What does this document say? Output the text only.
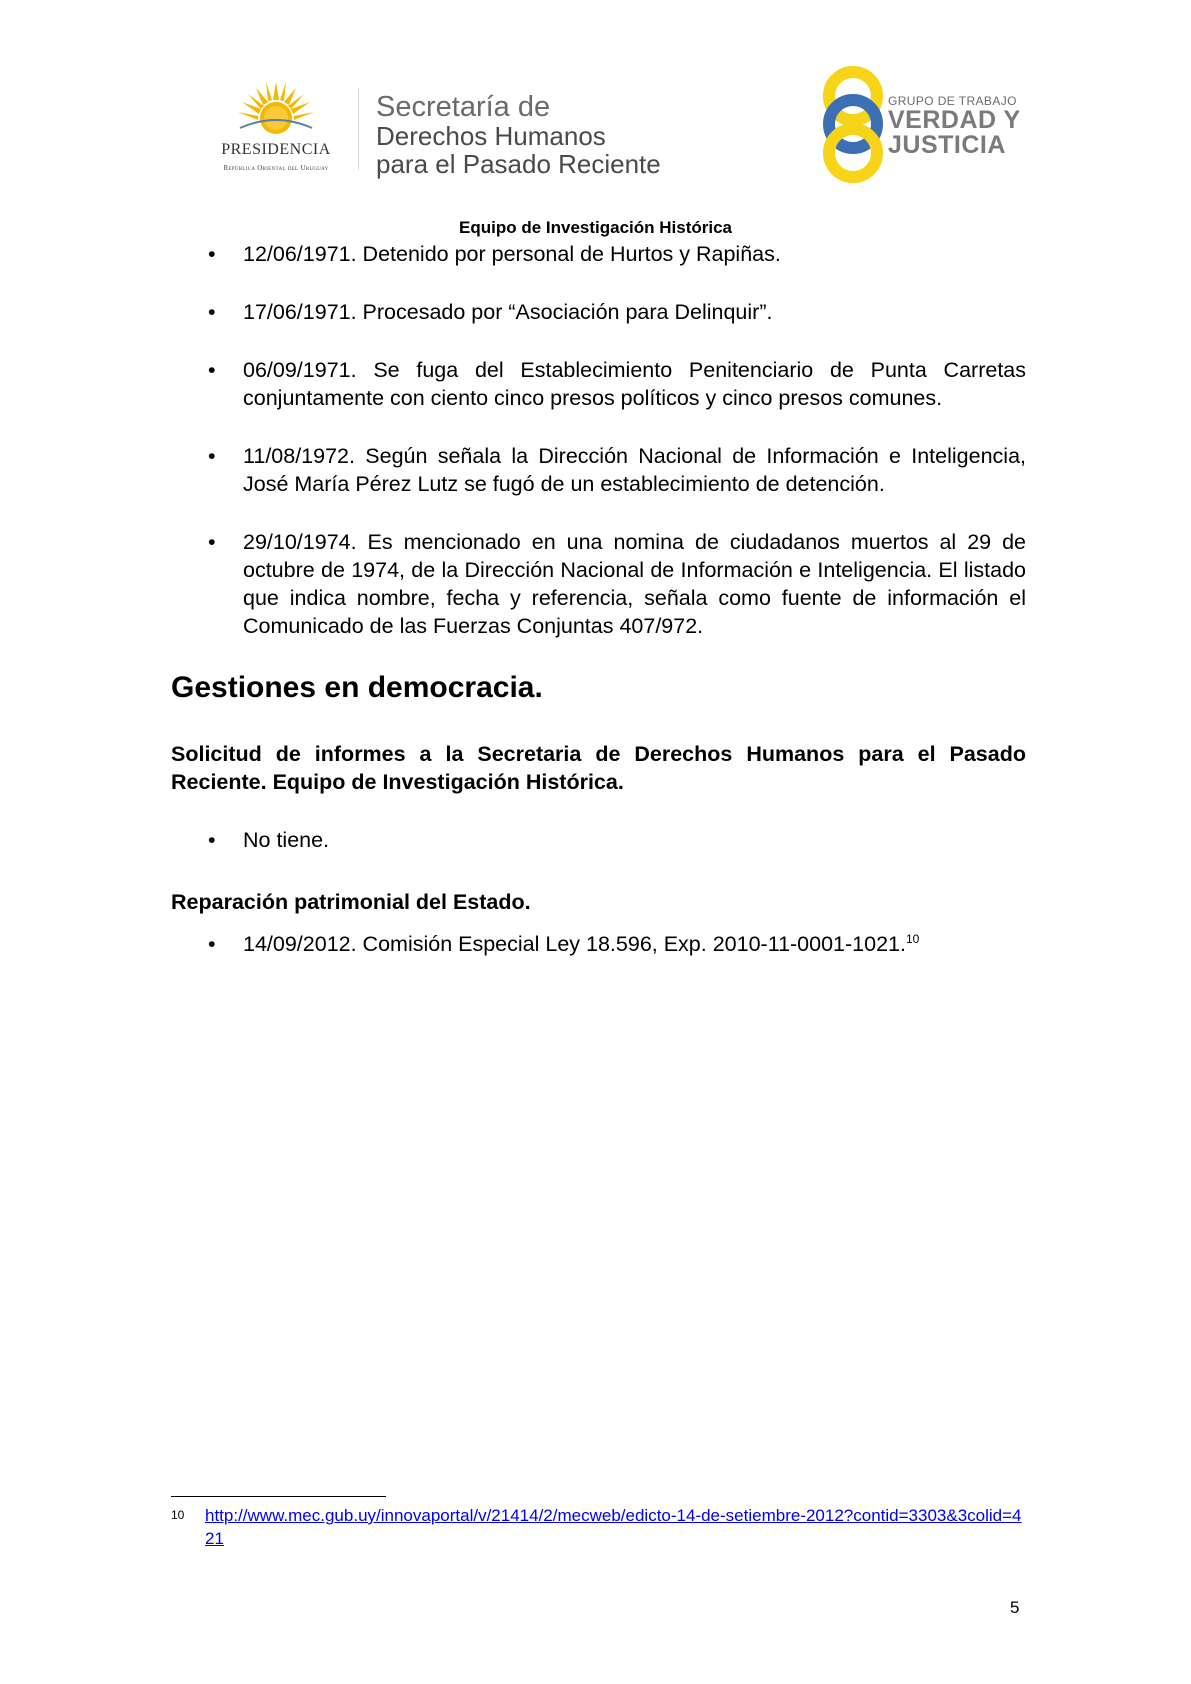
PRESIDENCIA
República Oriental del Uruguay
Secretaría de
Derechos Humanos
para el Pasado Reciente
GRUPO DE TRABAJO
VERDAD Y
JUSTICIA
Equipo de Investigación Histórica
• 12/06/1971. Detenido por personal de Hurtos y Rapiñas.
• 17/06/1971. Procesado por “Asociación para Delinquir”.
• 06/09/1971. Se fuga del Establecimiento Penitenciario de Punta Carretas conjuntamente con ciento cinco presos políticos y cinco presos comunes.
• 11/08/1972. Según señala la Dirección Nacional de Información e Inteligencia, José María Pérez Lutz se fugó de un establecimiento de detención.
• 29/10/1974. Es mencionado en una nomina de ciudadanos muertos al 29 de octubre de 1974, de la Dirección Nacional de Información e Inteligencia. El listado que indica nombre, fecha y referencia, señala como fuente de información el Comunicado de las Fuerzas Conjuntas 407/972.
Gestiones en democracia.
Solicitud de informes a la Secretaria de Derechos Humanos para el Pasado Reciente. Equipo de Investigación Histórica.
• No tiene.
Reparación patrimonial del Estado.
• 14/09/2012. Comisión Especial Ley 18.596, Exp. 2010-11-0001-1021.10
10 http://www.mec.gub.uy/innovaportal/v/21414/2/mecweb/edicto-14-de-setiembre-2012?contid=3303&3colid=421
5
